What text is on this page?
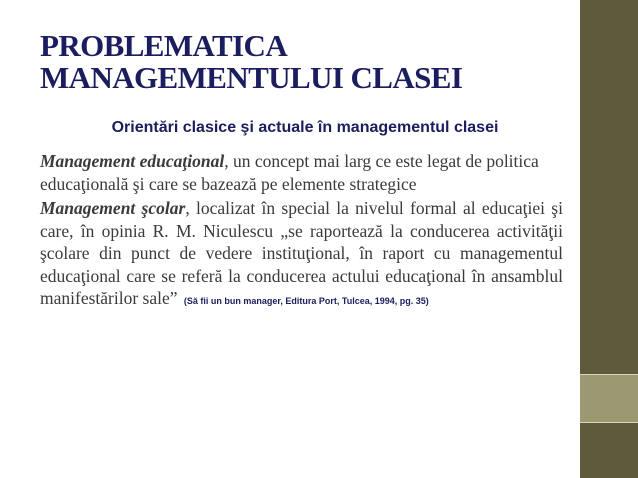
PROBLEMATICA
MANAGEMENTULUI CLASEI
Orientări clasice şi actuale în managementul clasei

Management educaţional, un concept mai larg ce este legat de politica educaţională şi care se bazează pe elemente strategice

Management şcolar, localizat în special la nivelul formal al educaţiei şi care, în opinia R. M. Niculescu „se raportează la conducerea activităţii şcolare din punct de vedere instituţional, în raport cu managementul educaţional care se referă la conducerea actului educaţional în ansamblul manifestărilor sale” (Să fii un bun manager, Editura Port, Tulcea, 1994, pg. 35)
